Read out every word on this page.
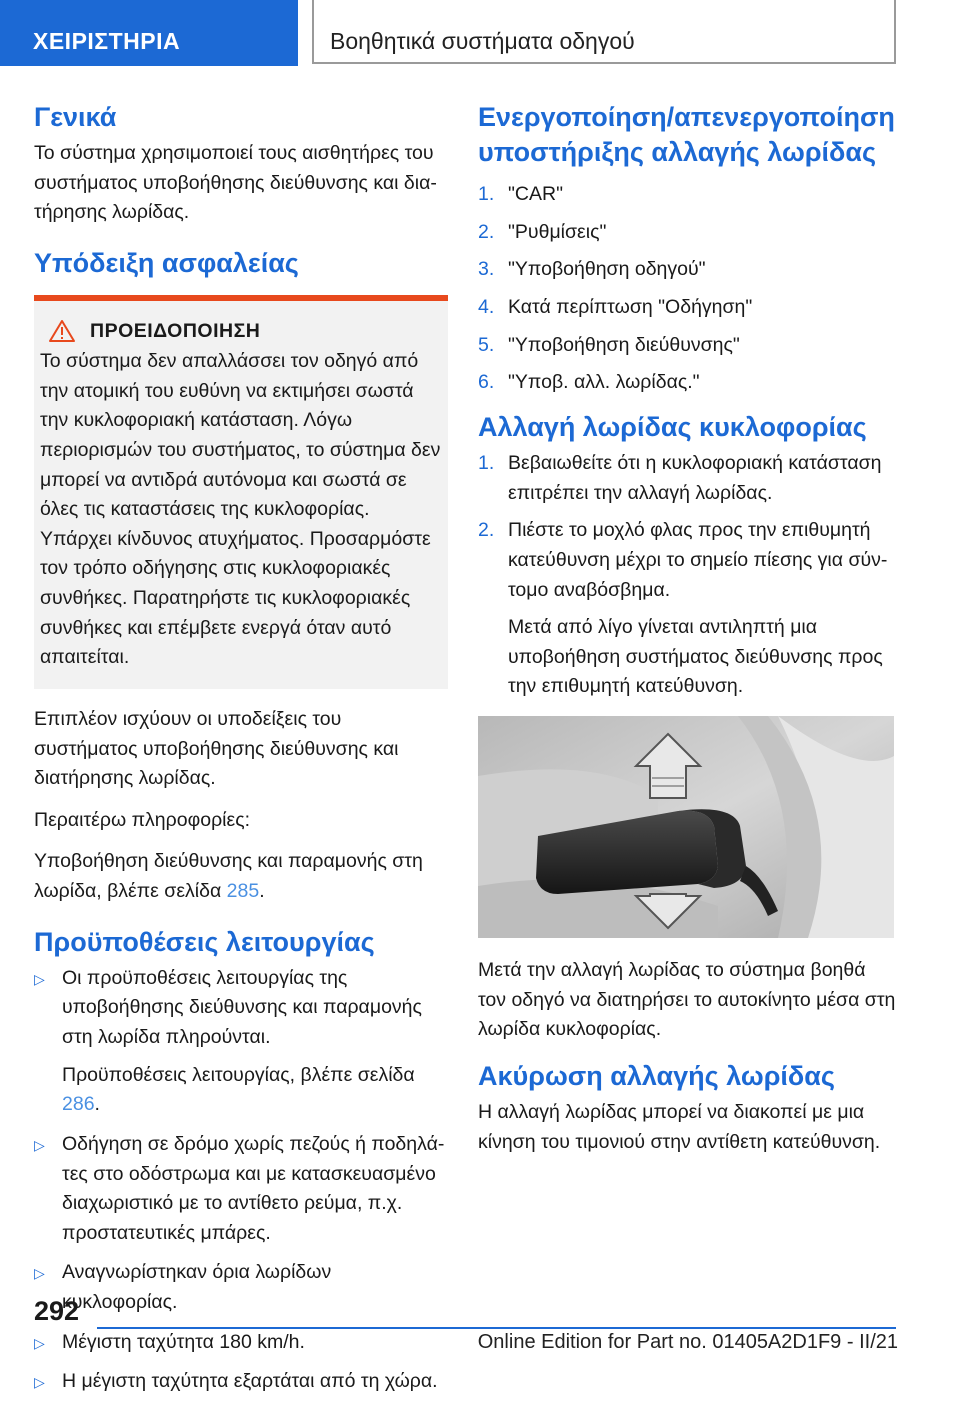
ΧΕΙΡΙΣΤΗΡΙΑ	Βοηθητικά συστήματα οδηγού
Γενικά

Το σύστημα χρησιμοποιεί τους αισθητήρες του συστήματος υποβοήθησης διεύθυνσης και διατήρησης λωρίδας.

Υπόδειξη ασφαλείας
ΠΡΟΕΙΔΟΠΟΙΗΣΗ

Το σύστημα δεν απαλλάσσει τον οδηγό από την ατομική του ευθύνη να εκτιμήσει σωστά την κυκλοφοριακή κατάσταση. Λόγω περιορισμών του συστήματος, το σύστημα δεν μπορεί να αντιδρά αυτόνομα και σωστά σε όλες τις καταστάσεις της κυκλοφορίας. Υπάρχει κίνδυνος ατυχήματος. Προσαρμόστε τον τρόπο οδήγησης στις κυκλοφοριακές συνθήκες. Παρατηρήστε τις κυκλοφοριακές συνθήκες και επέμβετε ενεργά όταν αυτό απαιτείται.

Επιπλέον ισχύουν οι υποδείξεις του συστήματος υποβοήθησης διεύθυνσης και διατήρησης λωρίδας.

Περαιτέρω πληροφορίες:

Υποβοήθηση διεύθυνσης και παραμονής στη λωρίδα, βλέπε σελίδα 285.

Προϋποθέσεις λειτουργίας
▷ Οι προϋποθέσεις λειτουργίας της υποβοήθησης διεύθυνσης και παραμονής στη λωρίδα πληρούνται.

Προϋποθέσεις λειτουργίας, βλέπε σελίδα 286.

▷ Οδήγηση σε δρόμο χωρίς πεζούς ή ποδηλάτες στο οδόστρωμα και με κατασκευασμένο διαχωριστικό με το αντίθετο ρεύμα, π.χ. προστατευτικές μπάρες.
▷ Αναγνωρίστηκαν όρια λωρίδων κυκλοφορίας.
▷ Μέγιστη ταχύτητα 180 km/h.
▷ Η μέγιστη ταχύτητα εξαρτάται από τη χώρα.
Ενεργοποίηση/απενεργοποίηση υποστήριξης αλλαγής λωρίδας
1. "CAR"
2. "Ρυθμίσεις"
3. "Υποβοήθηση οδηγού"
4. Κατά περίπτωση "Οδήγηση"
5. "Υποβοήθηση διεύθυνσης"
6. "Υποβ. αλλ. λωρίδας."
Αλλαγή λωρίδας κυκλοφορίας
1. Βεβαιωθείτε ότι η κυκλοφοριακή κατάσταση επιτρέπει την αλλαγή λωρίδας.
2. Πιέστε το μοχλό φλας προς την επιθυμητή κατεύθυνση μέχρι το σημείο πίεσης για σύντομο αναβόσβημα.

Μετά από λίγο γίνεται αντιληπτή μια υποβοήθηση συστήματος διεύθυνσης προς την επιθυμητή κατεύθυνση.

Μετά την αλλαγή λωρίδας το σύστημα βοηθά τον οδηγό να διατηρήσει το αυτοκίνητο μέσα στη λωρίδα κυκλοφορίας.

Ακύρωση αλλαγής λωρίδας

Η αλλαγή λωρίδας μπορεί να διακοπεί με μια κίνηση του τιμονιού στην αντίθετη κατεύθυνση.

292
Online Edition for Part no. 01405A2D1F9 - II/21
